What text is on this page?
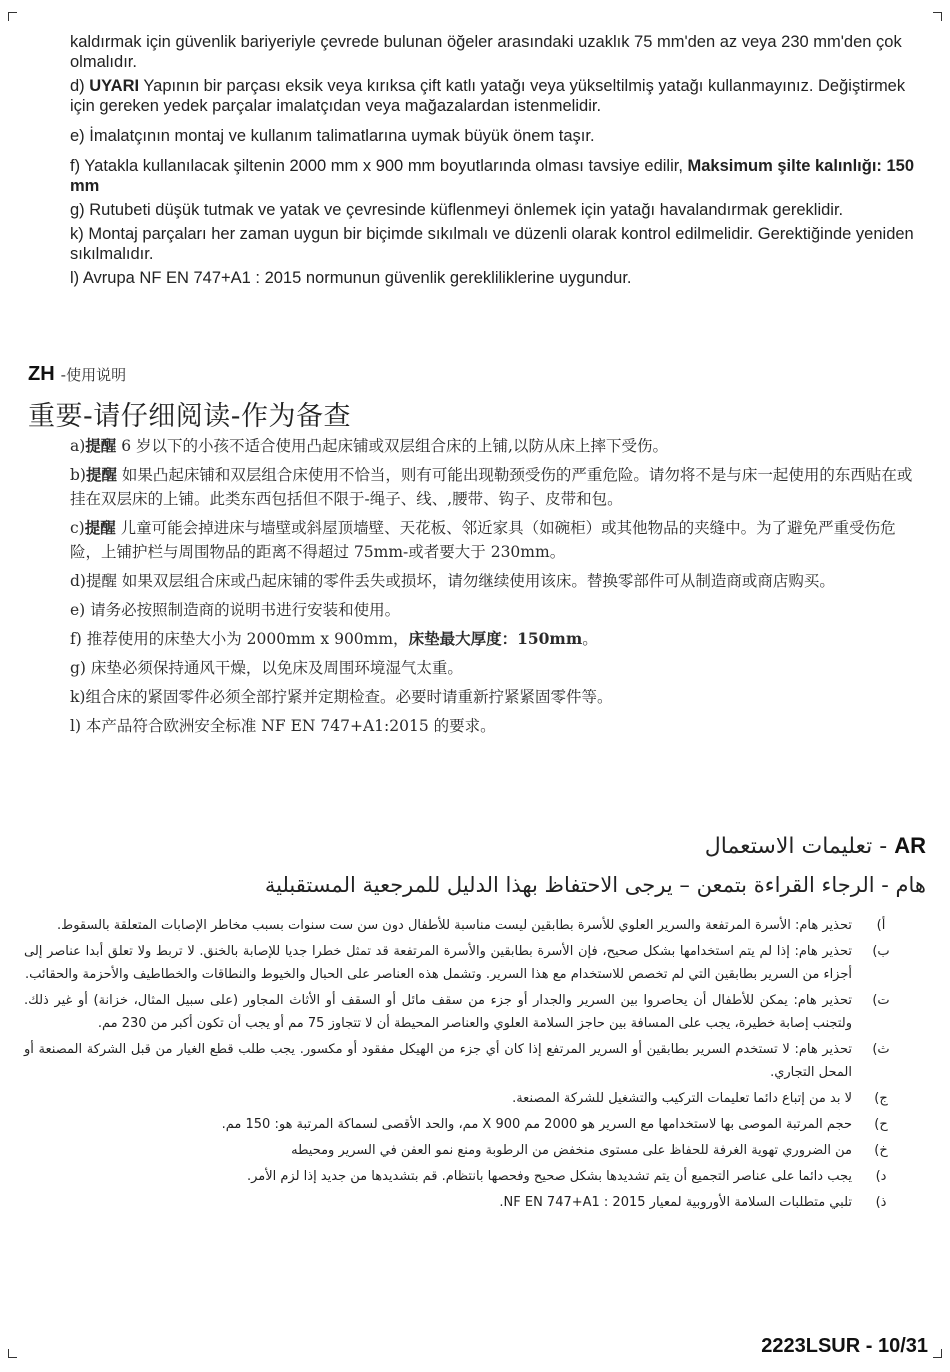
kaldırmak için güvenlik bariyeriyle çevrede bulunan öğeler arasındaki uzaklık 75 mm'den az veya 230 mm'den çok olmalıdır.

d) UYARI Yapının bir parçası eksik veya kırıksa çift katlı yatağı veya yükseltilmiş yatağı kullanmayınız. Değiştirmek için gereken yedek parçalar imalatçıdan veya mağazalardan istenmelidir.

e) İmalatçının montaj ve kullanım talimatlarına uymak büyük önem taşır.

f) Yatakla kullanılacak şiltenin 2000 mm x 900 mm boyutlarında olması tavsiye edilir, Maksimum şilte kalınlığı: 150 mm

g) Rutubeti düşük tutmak ve yatak ve çevresinde küflenmeyi önlemek için yatağı havalandırmak gereklidir.

k) Montaj parçaları her zaman uygun bir biçimde sıkılmalı ve düzenli olarak kontrol edilmelidir. Gerektiğinde yeniden sıkılmalıdır.

l) Avrupa NF EN 747+A1 : 2015 normunun güvenlik gerekliliklerine uygundur.

ZH -使用说明
重要-请仔细阅读-作为备查

a)提醒 6 岁以下的小孩不适合使用凸起床铺或双层组合床的上铺,以防从床上摔下受伤。

b)提醒 如果凸起床铺和双层组合床使用不恰当，则有可能出现勒颈受伤的严重危险。请勿将不是与床一起使用的东西贴在或挂在双层床的上铺。此类东西包括但不限于-绳子、线、,腰带、钩子、皮带和包。

c)提醒 儿童可能会掉进床与墙壁或斜屋顶墙壁、天花板、邻近家具（如碗柜）或其他物品的夹缝中。为了避免严重受伤危险，上铺护栏与周围物品的距离不得超过 75mm-或者要大于 230mm。

d)提醒 如果双层组合床或凸起床铺的零件丢失或损坏，请勿继续使用该床。替换零部件可从制造商或商店购买。

e) 请务必按照制造商的说明书进行安装和使用。

f) 推荐使用的床垫大小为 2000mm x 900mm，床垫最大厚度：150mm。

g) 床垫必须保持通风干燥，以免床及周围环境湿气太重。

k)组合床的紧固零件必须全部拧紧并定期检查。必要时请重新拧紧紧固零件等。

l) 本产品符合欧洲安全标准 NF EN 747+A1:2015 的要求。

AR - تعليمات الاستعمال
هام - الرجاء القراءة بتمعن – يرجى الاحتفاظ بهذا الدليل للمرجعية المستقبلية
أ)
تحذير هام: الأسرة المرتفعة والسرير العلوي للأسرة بطابقين ليست مناسبة للأطفال دون سن ست سنوات بسبب مخاطر الإصابات المتعلقة بالسقوط.
ب)
تحذير هام: إذا لم يتم استخدامها بشكل صحيح، فإن الأسرة بطابقين والأسرة المرتفعة قد تمثل خطرا جديا للإصابة بالخنق. لا تربط ولا تعلق أبدا عناصر إلى أجزاء من السرير بطابقين التي لم تخصص للاستخدام مع هذا السرير. وتشمل هذه العناصر على الحبال والخيوط والنطاقات والخطاطيف والأحزمة والحقائب.
ت)
تحذير هام: يمكن للأطفال أن يحاصروا بين السرير والجدار أو جزء من سقف مائل أو السقف أو الأثاث المجاور (على سبيل المثال، خزانة) أو غير ذلك. ولتجنب إصابة خطيرة، يجب على المسافة بين حاجز السلامة العلوي والعناصر المحيطة أن لا تتجاوز 75 مم أو يجب أن تكون أكبر من 230 مم.
ث)
تحذير هام: لا تستخدم السرير بطابقين أو السرير المرتفع إذا كان أي جزء من الهيكل مفقود أو مكسور. يجب طلب قطع الغيار من قبل الشركة المصنعة أو المحل التجاري.
ج)
لا بد من إتباع دائما تعليمات التركيب والتشغيل للشركة المصنعة.
ح)
حجم المرتبة الموصى بها لاستخدامها مع السرير هو 2000 مم X 900 مم، والحد الأقصى لسماكة المرتبة هو: 150 مم.
خ)
من الضروري تهوية الغرفة للحفاظ على مستوى منخفض من الرطوبة ومنع نمو العفن في السرير ومحيطه
د)
يجب دائما على عناصر التجميع أن يتم تشديدها بشكل صحيح وفحصها بانتظام. قم بتشديدها من جديد إذا لزم الأمر.
ذ)
تلبي متطلبات السلامة الأوروبية لمعيار NF EN 747+A1 : 2015.
2223LSUR - 10/31
